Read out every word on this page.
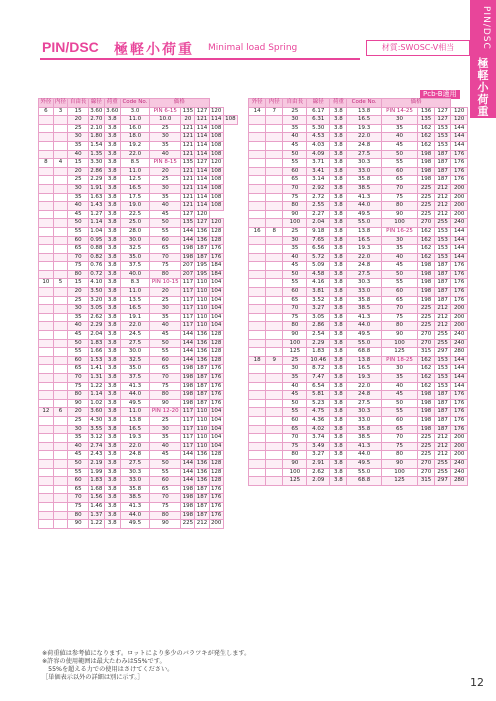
PIN/DSC
極軽小荷重
PIN/DSC 極軽小荷重 Minimal load Spring	材質:SWOSC-V相当
Pcb-B適用
外径	内径	自由長	線径	荷重	Code No.	価格				
6	3	15	3.60	3.60	3.0	PIN 6-15	135	127	120	
		20	2.70	3.8	11.0	10.0	20	121	114	108
		25	2.10	3.8	16.0	25	121	114	108	
		30	1.80	3.8	18.0	30	121	114	108	
		35	1.54	3.8	19.2	35	121	114	108	
		40	1.35	3.8	22.0	40	121	114	108	
8	4	15	3.30	3.8	8.5	PIN 8-15	135	127	120	
		20	2.86	3.8	11.0	20	121	114	108	
		25	2.29	3.8	12.5	25	121	114	108	
		30	1.91	3.8	16.5	30	121	114	108	
		35	1.63	3.8	17.5	35	121	114	108	
		40	1.43	3.8	19.0	40	121	114	108	
		45	1.27	3.8	22.5	45	127	120		
		50	1.14	3.8	25.0	50	135	127	120	
		55	1.04	3.8	28.0	55	144	136	128	
		60	0.95	3.8	30.0	60	144	136	128	
		65	0.88	3.8	32.5	65	198	187	176	
		70	0.82	3.8	35.0	70	198	187	176	
		75	0.76	3.8	37.5	75	207	195	184	
		80	0.72	3.8	40.0	80	207	195	184	
10	5	15	4.10	3.8	8.3	PIN 10-15	117	110	104	
		20	3.50	3.8	11.0	20	117	110	104	
		25	3.20	3.8	13.5	25	117	110	104	
		30	3.05	3.8	16.5	30	117	110	104	
		35	2.62	3.8	19.1	35	117	110	104	
		40	2.29	3.8	22.0	40	117	110	104	
		45	2.04	3.8	24.5	45	144	136	128	
		50	1.83	3.8	27.5	50	144	136	128	
		55	1.66	3.8	30.0	55	144	136	128	
		60	1.53	3.8	32.5	60	144	136	128	
		65	1.41	3.8	35.0	65	198	187	176	
		70	1.31	3.8	37.5	70	198	187	176	
		75	1.22	3.8	41.3	75	198	187	176	
		80	1.14	3.8	44.0	80	198	187	176	
		90	1.02	3.8	49.5	90	198	187	176	
12	6	20	3.60	3.8	11.0	PIN 12-20	117	110	104	
		25	4.30	3.8	13.8	25	117	110	104	
		30	3.55	3.8	16.5	30	117	110	104	
		35	3.12	3.8	19.3	35	117	110	104	
		40	2.74	3.8	22.0	40	117	110	104	
		45	2.43	3.8	24.8	45	144	136	128	
		50	2.19	3.8	27.5	50	144	136	128	
		55	1.99	3.8	30.3	55	144	136	128	
		60	1.83	3.8	33.0	60	144	136	128	
		65	1.68	3.8	35.8	65	198	187	176	
		70	1.56	3.8	38.5	70	198	187	176	
		75	1.46	3.8	41.3	75	198	187	176	
		80	1.37	3.8	44.0	80	198	187	176	
		90	1.22	3.8	49.5	90	225	212	200	
外径	内径	自由長	線径	荷重	Code No.	価格			
14	7	25	6.17	3.8	13.8	PIN 14-25	136	127	120
		30	6.31	3.8	16.5	30	135	127	120
		35	5.30	3.8	19.3	35	162	153	144
		40	4.53	3.8	22.0	40	162	153	144
		45	4.03	3.8	24.8	45	162	153	144
		50	4.09	3.8	27.5	50	198	187	176
		55	3.71	3.8	30.3	55	198	187	176
		60	3.41	3.8	33.0	60	198	187	176
		65	3.14	3.8	35.8	65	198	187	176
		70	2.92	3.8	38.5	70	225	212	200
		75	2.72	3.8	41.3	75	225	212	200
		80	2.55	3.8	44.0	80	225	212	200
		90	2.27	3.8	49.5	90	225	212	200
		100	2.04	3.8	55.0	100	270	255	240
16	8	25	9.18	3.8	13.8	PIN 16-25	162	153	144
		30	7.65	3.8	16.5	30	162	153	144
		35	6.56	3.8	19.3	35	162	153	144
		40	5.72	3.8	22.0	40	162	153	144
		45	5.09	3.8	24.8	45	198	187	176
		50	4.58	3.8	27.5	50	198	187	176
		55	4.16	3.8	30.3	55	198	187	176
		60	3.81	3.8	33.0	60	198	187	176
		65	3.52	3.8	35.8	65	198	187	176
		70	3.27	3.8	38.5	70	225	212	200
		75	3.05	3.8	41.3	75	225	212	200
		80	2.86	3.8	44.0	80	225	212	200
		90	2.54	3.8	49.5	90	270	255	240
		100	2.29	3.8	55.0	100	270	255	240
		125	1.83	3.8	68.8	125	315	297	280
18	9	25	10.46	3.8	13.8	PIN 18-25	162	153	144
		30	8.72	3.8	16.5	30	162	153	144
		35	7.47	3.8	19.3	35	162	153	144
		40	6.54	3.8	22.0	40	162	153	144
		45	5.81	3.8	24.8	45	198	187	176
		50	5.23	3.8	27.5	50	198	187	176
		55	4.75	3.8	30.3	55	198	187	176
		60	4.36	3.8	33.0	60	198	187	176
		65	4.02	3.8	35.8	65	198	187	176
		70	3.74	3.8	38.5	70	225	212	200
		75	3.49	3.8	41.3	75	225	212	200
		80	3.27	3.8	44.0	80	225	212	200
		90	2.91	3.8	49.5	90	270	255	240
		100	2.62	3.8	55.0	100	270	255	240
		125	2.09	3.8	68.8	125	315	297	280
※荷重値は参考値になります。ロットにより多少のバラツキが発生します。
※許容の使用範囲は最大たわみは55%です。
　55%を超える力での使用はさけてください。
［単価表示以外の詳細は別に示す。］	12
